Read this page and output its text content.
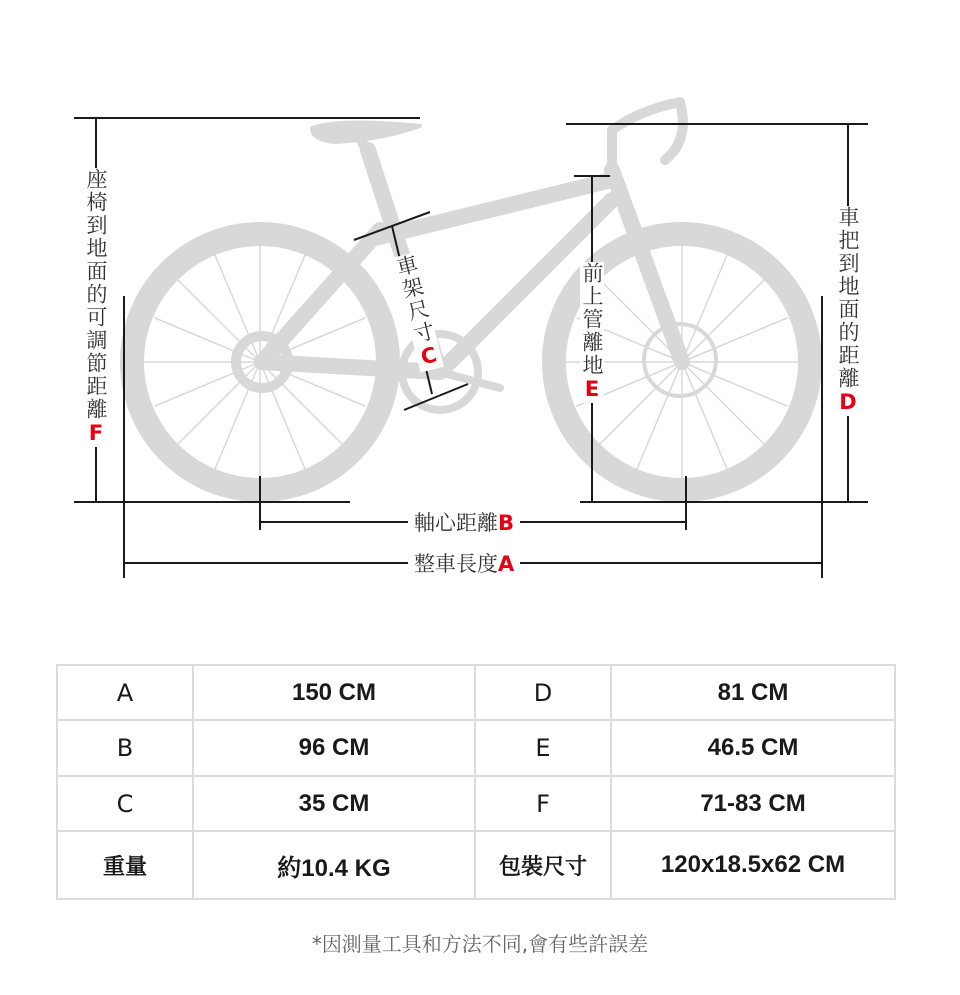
座椅到地面的可調節距離F
車把到地面的距離D
前上管離地E
車架尺寸C
軸心距離B
整車長度A
A	150 CM	D	81 CM
B	96 CM	E	46.5 CM
C	35 CM	F	71-83 CM
重量	約10.4 KG	包裝尺寸	120x18.5x62 CM
*因測量工具和方法不同,會有些許誤差
